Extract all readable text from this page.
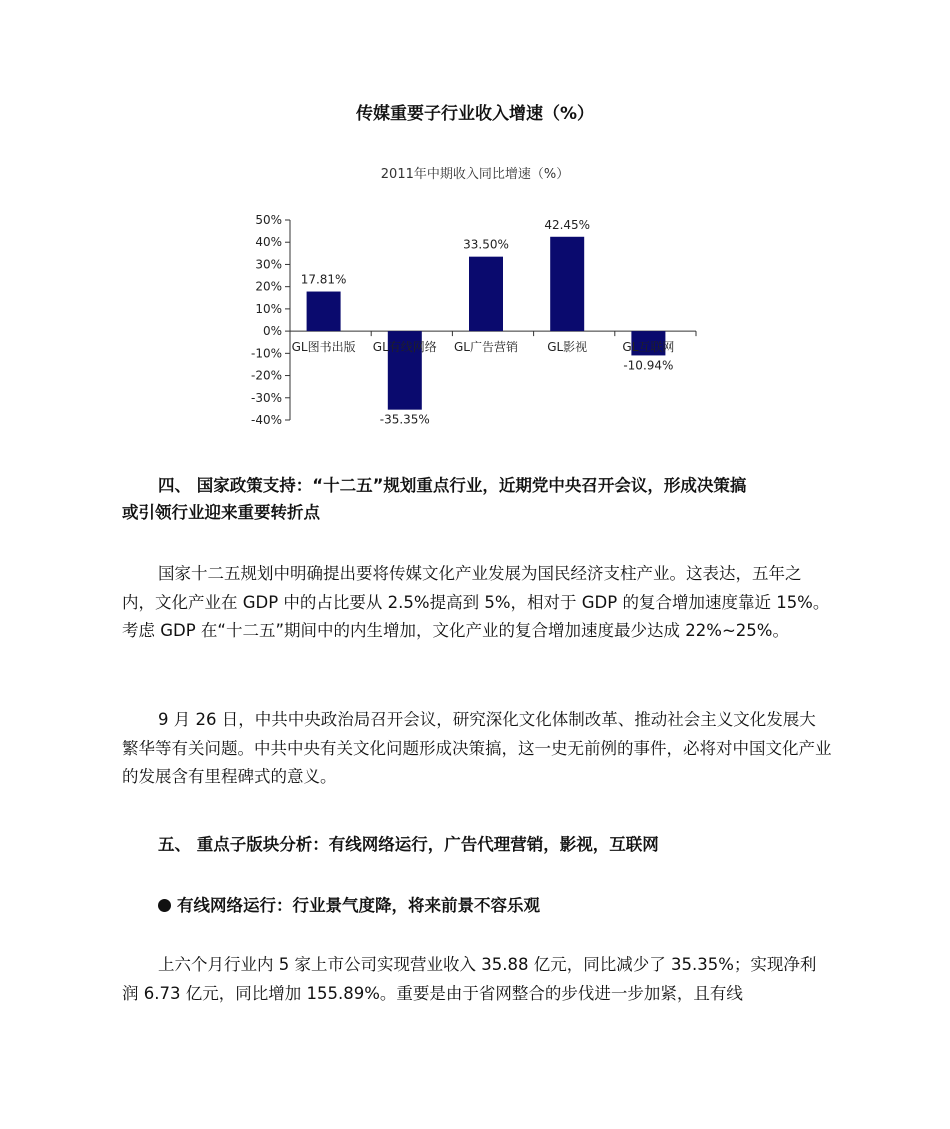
传媒重要子行业收入增速（%）
2011年中期收入同比增速（%）
50%
40%
30%
20%
10%
0%
-10%
-20%
-30%
-40%
GL图书出版
17.81%
GL有线网络
-35.35%
GL广告营销
33.50%
GL影视
42.45%
GL互联网
-10.94%
四、 国家政策支持：“十二五”规划重点行业，近期党中央召开会议，形成决策搞
或引领行业迎来重要转折点
国家十二五规划中明确提出要将传媒文化产业发展为国民经济支柱产业。这表达，五年之内，文化产业在 GDP 中的占比要从 2.5%提高到 5%，相对于 GDP 的复合增加速度靠近 15%。考虑 GDP 在“十二五”期间中的内生增加，文化产业的复合增加速度最少达成 22%~25%。
9 月 26 日，中共中央政治局召开会议，研究深化文化体制改革、推动社会主义文化发展大繁华等有关问题。中共中央有关文化问题形成决策搞，这一史无前例的事件，必将对中国文化产业的发展含有里程碑式的意义。
五、 重点子版块分析：有线网络运行，广告代理营销，影视，互联网
有线网络运行：行业景气度降，将来前景不容乐观
上六个月行业内 5 家上市公司实现营业收入 35.88 亿元，同比减少了 35.35%；实现净利润 6.73 亿元，同比增加 155.89%。重要是由于省网整合的步伐进一步加紧，且有线
